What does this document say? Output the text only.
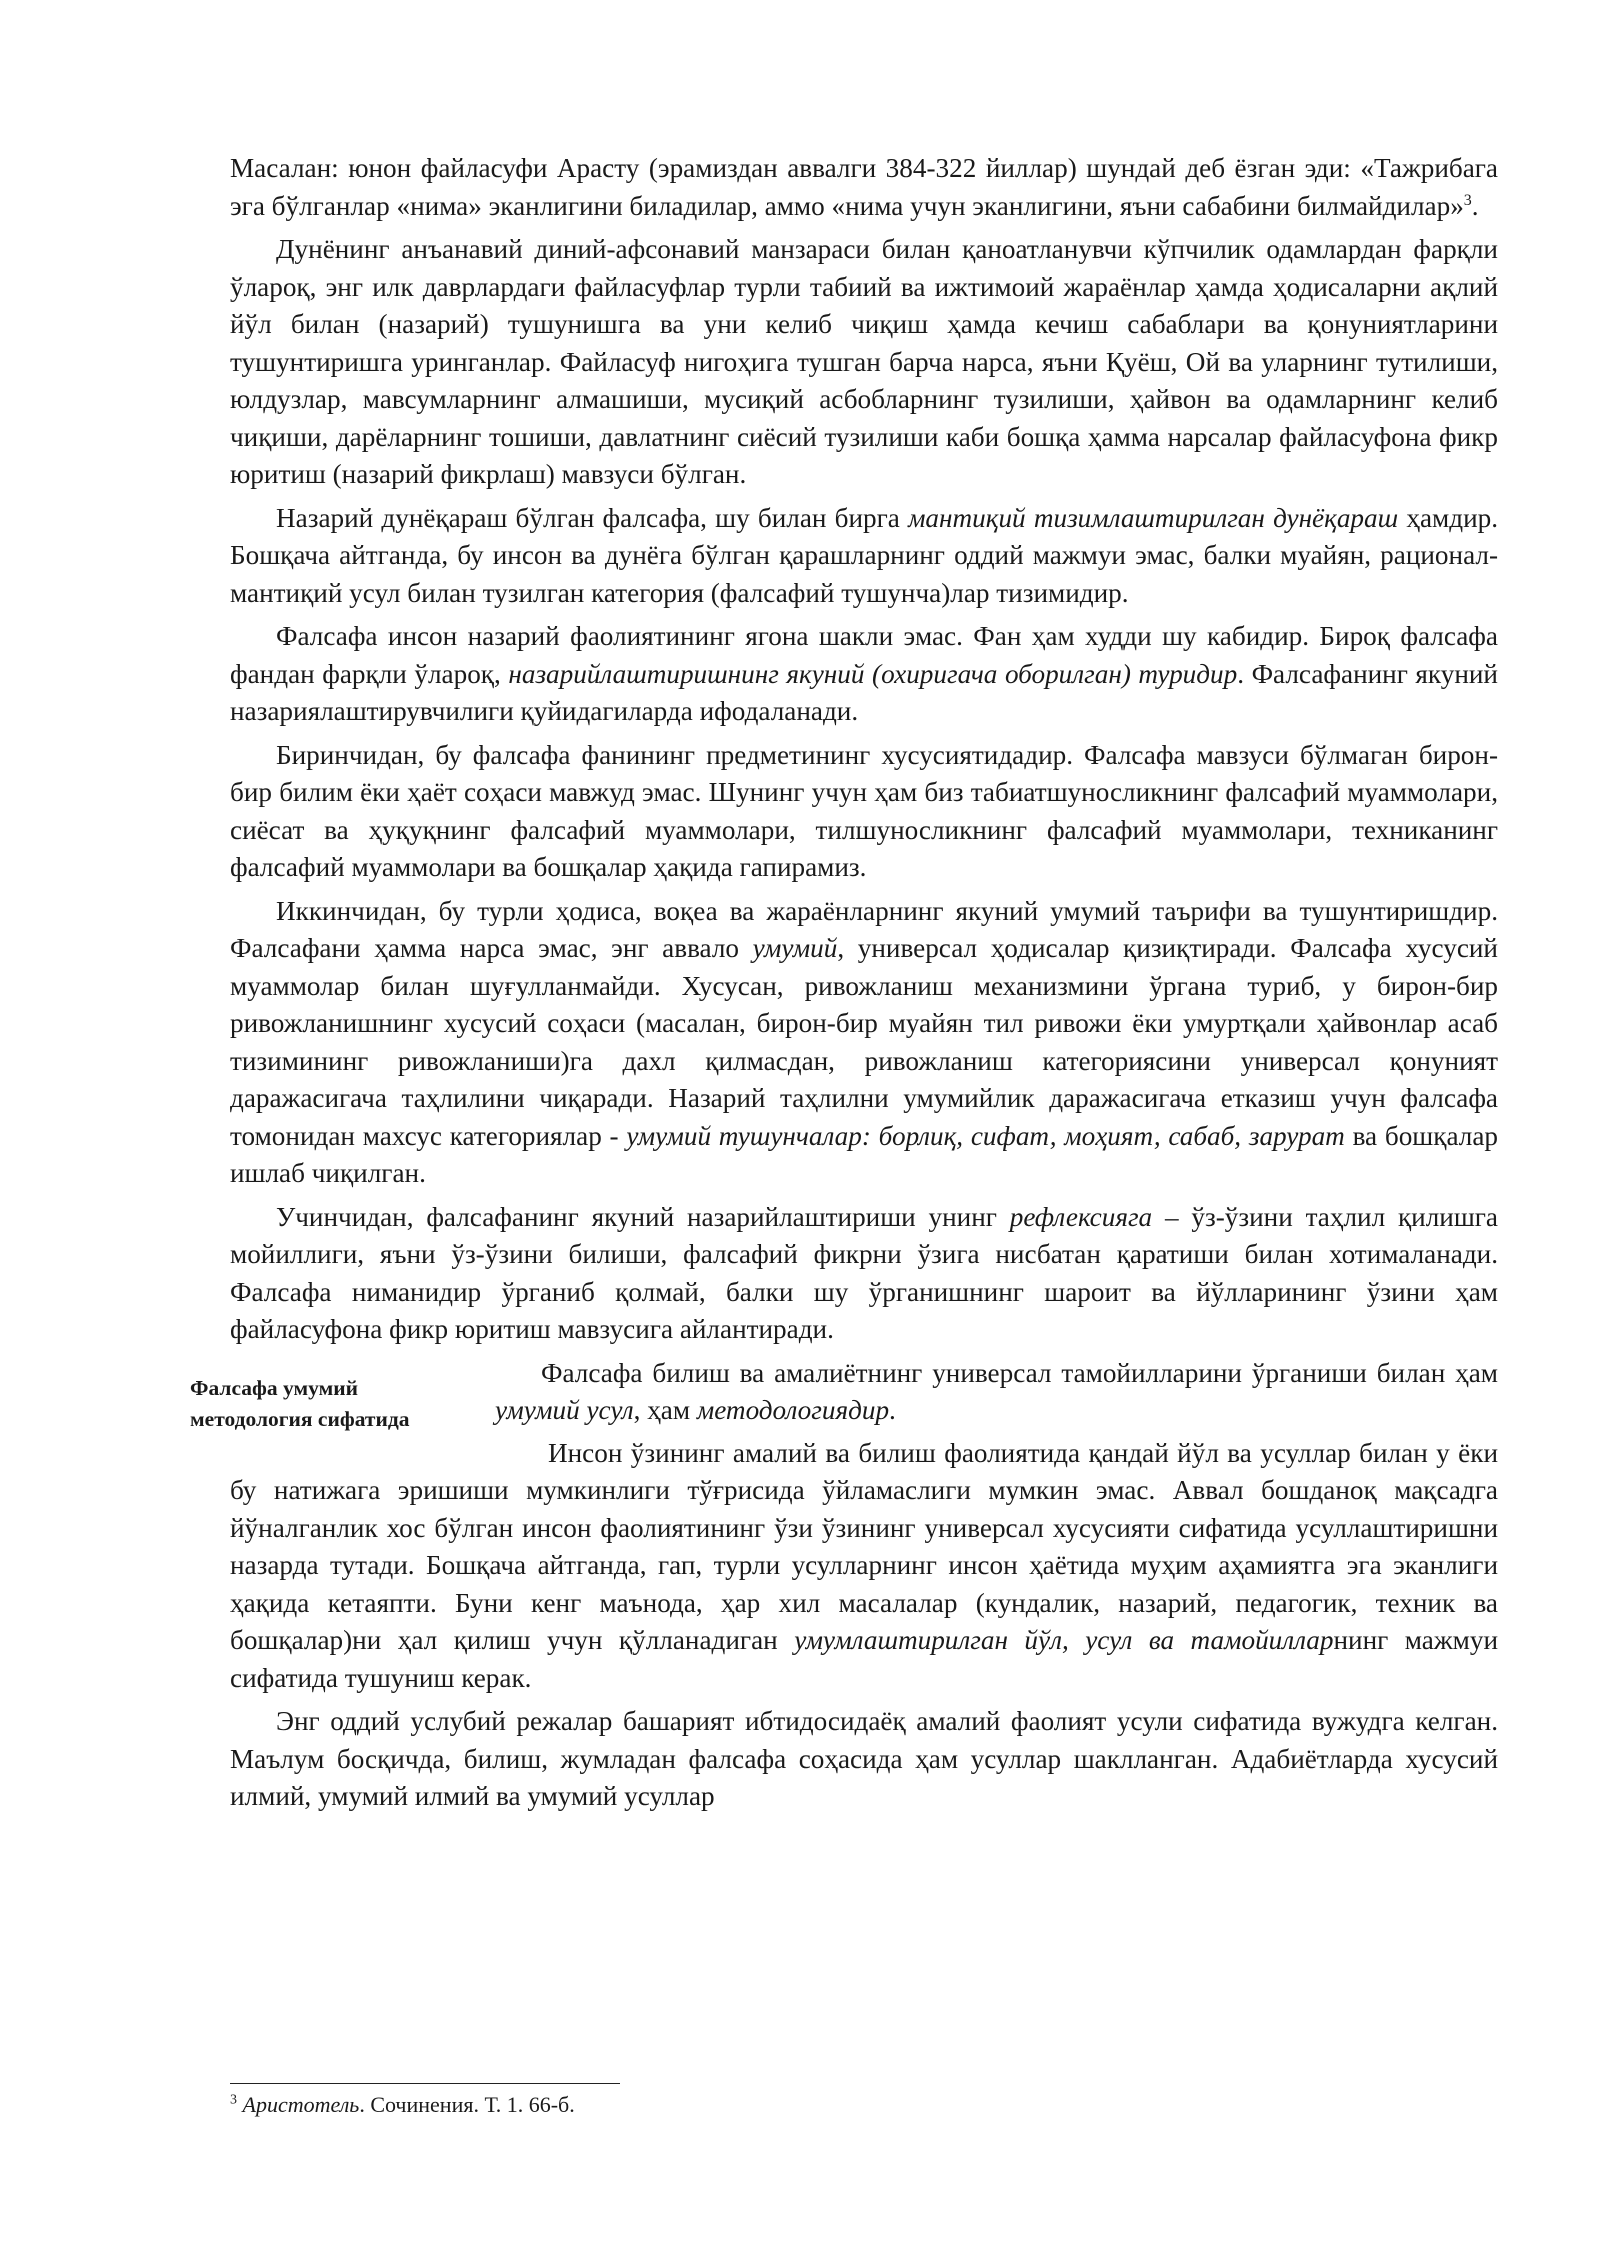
Масалан: юнон файласуфи Арасту (эрамиздан аввалги 384-322 йиллар) шундай деб ёзган эди: «Тажрибага эга бўлганлар «нима» эканлигини биладилар, аммо «нима учун эканлигини, яъни сабабини билмайдилар»$^3$.

Дунёнинг анъанавий диний-афсонавий манзараси билан қаноатланувчи кўпчилик одамлардан фарқли ўлароқ, энг илк даврлардаги файласуфлар турли табиий ва ижтимоий жараёнлар ҳамда ҳодисаларни ақлий йўл билан (назарий) тушунишга ва уни келиб чиқиш ҳамда кечиш сабаблари ва қонуниятларини тушунтиришга уринганлар. Файласуф нигоҳига тушган барча нарса, яъни Қуёш, Ой ва уларнинг тутилиши, юлдузлар, мавсумларнинг алмашиши, мусиқий асбобларнинг тузилиши, ҳайвон ва одамларнинг келиб чиқиши, дарёларнинг тошиши, давлатнинг сиёсий тузилиши каби бошқа ҳамма нарсалар файласуфона фикр юритиш (назарий фикрлаш) мавзуси бўлган.

Назарий дунёқараш бўлган фалсафа, шу билан бирга мантиқий тизимлаштирилган дунёқараш ҳамдир. Бошқача айтганда, бу инсон ва дунёга бўлган қарашларнинг оддий мажмуи эмас, балки муайян, рационал-мантиқий усул билан тузилган категория (фалсафий тушунча)лар тизимидир.

Фалсафа инсон назарий фаолиятининг ягона шакли эмас. Фан ҳам худди шу кабидир. Бироқ фалсафа фандан фарқли ўлароқ, назарийлаштиришнинг якуний (охиригача оборилган) туридир. Фалсафанинг якуний назариялаштирувчилиги қуйидагиларда ифодаланади.

Биринчидан, бу фалсафа фанининг предметининг хусусиятидадир. Фалсафа мавзуси бўлмаган бирон-бир билим ёки ҳаёт соҳаси мавжуд эмас. Шунинг учун ҳам биз табиатшуносликнинг фалсафий муаммолари, сиёсат ва ҳуқуқнинг фалсафий муаммолари, тилшуносликнинг фалсафий муаммолари, техниканинг фалсафий муаммолари ва бошқалар ҳақида гапирамиз.

Иккинчидан, бу турли ҳодиса, воқеа ва жараёнларнинг якуний умумий таърифи ва тушунтиришдир. Фалсафани ҳамма нарса эмас, энг аввало умумий, универсал ҳодисалар қизиқтиради. Фалсафа хусусий муаммолар билан шуғулланмайди. Хусусан, ривожланиш механизмини ўргана туриб, у бирон-бир ривожланишнинг хусусий соҳаси (масалан, бирон-бир муайян тил ривожи ёки умуртқали ҳайвонлар асаб тизимининг ривожланиши)га дахл қилмасдан, ривожланиш категориясини универсал қонуният даражасигача таҳлилини чиқаради. Назарий таҳлилни умумийлик даражасигача етказиш учун фалсафа томонидан махсус категориялар - умумий тушунчалар: борлиқ, сифат, моҳият, сабаб, зарурат ва бошқалар ишлаб чиқилган.

Учинчидан, фалсафанинг якуний назарийлаштириши унинг рефлексияга – ўз-ўзини таҳлил қилишга мойиллиги, яъни ўз-ўзини билиши, фалсафий фикрни ўзига нисбатан қаратиши билан хотималанади. Фалсафа ниманидир ўрганиб қолмай, балки шу ўрганишнинг шароит ва йўлларининг ўзини ҳам файласуфона фикр юритиш мавзусига айлантиради.

Фалсафа умумий методология сифатида

Фалсафа билиш ва амалиётнинг универсал тамойилларини ўрганиши билан ҳам умумий усул, ҳам методологиядир.

Инсон ўзининг амалий ва билиш фаолиятида қандай йўл ва усуллар билан у ёки бу натижага эришиши мумкинлиги тўғрисида ўйламаслиги мумкин эмас. Аввал бошданоқ мақсадга йўналганлик хос бўлган инсон фаолиятининг ўзи ўзининг универсал хусусияти сифатида усуллаштиришни назарда тутади. Бошқача айтганда, гап, турли усулларнинг инсон ҳаётида муҳим аҳамиятга эга эканлиги ҳақида кетаяпти. Буни кенг маънода, ҳар хил масалалар (кундалик, назарий, педагогик, техник ва бошқалар)ни ҳал қилиш учун қўлланадиган умумлаштирилган йўл, усул ва тамойилларнинг мажмуи сифатида тушуниш керак.

Энг оддий услубий режалар башарият ибтидосидаёқ амалий фаолият усули сифатида вужудга келган. Маълум босқичда, билиш, жумладан фалсафа соҳасида ҳам усуллар шаклланган. Адабиётларда хусусий илмий, умумий илмий ва умумий усуллар

$^3$ Аристотель. Сочинения. Т. 1. 66-б.
